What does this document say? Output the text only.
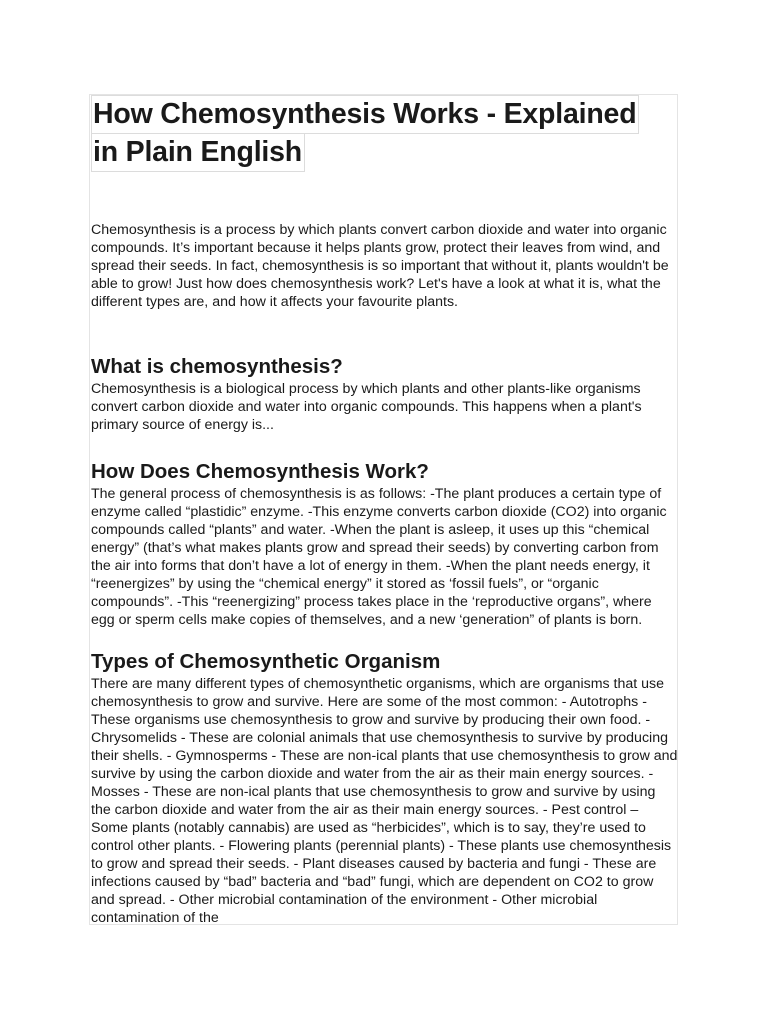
How Chemosynthesis Works - Explained
in Plain English

Chemosynthesis is a process by which plants convert carbon dioxide and water into organic compounds. It’s important because it helps plants grow, protect their leaves from wind, and spread their seeds. In fact, chemosynthesis is so important that without it, plants wouldn't be able to grow! Just how does chemosynthesis work? Let's have a look at what it is, what the different types are, and how it affects your favourite plants.

What is chemosynthesis?

Chemosynthesis is a biological process by which plants and other plants-like organisms convert carbon dioxide and water into organic compounds. This happens when a plant's primary source of energy is...

How Does Chemosynthesis Work?

The general process of chemosynthesis is as follows: -The plant produces a certain type of enzyme called “plastidic” enzyme. -This enzyme converts carbon dioxide (CO2) into organic compounds called “plants” and water. -When the plant is asleep, it uses up this “chemical energy” (that’s what makes plants grow and spread their seeds) by converting carbon from the air into forms that don’t have a lot of energy in them. -When the plant needs energy, it “reenergizes” by using the “chemical energy” it stored as ‘fossil fuels”, or “organic compounds”. -This “reenergizing” process takes place in the ‘reproductive organs”, where egg or sperm cells make copies of themselves, and a new ‘generation” of plants is born.

Types of Chemosynthetic Organism

There are many different types of chemosynthetic organisms, which are organisms that use chemosynthesis to grow and survive. Here are some of the most common: - Autotrophs - These organisms use chemosynthesis to grow and survive by producing their own food. - Chrysomelids - These are colonial animals that use chemosynthesis to survive by producing their shells. - Gymnosperms - These are non-ical plants that use chemosynthesis to grow and survive by using the carbon dioxide and water from the air as their main energy sources. - Mosses - These are non-ical plants that use chemosynthesis to grow and survive by using the carbon dioxide and water from the air as their main energy sources. - Pest control – Some plants (notably cannabis) are used as “herbicides”, which is to say, they’re used to control other plants. - Flowering plants (perennial plants) - These plants use chemosynthesis to grow and spread their seeds. - Plant diseases caused by bacteria and fungi - These are infections caused by “bad” bacteria and “bad” fungi, which are dependent on CO2 to grow and spread. - Other microbial contamination of the environment - Other microbial contamination of the
